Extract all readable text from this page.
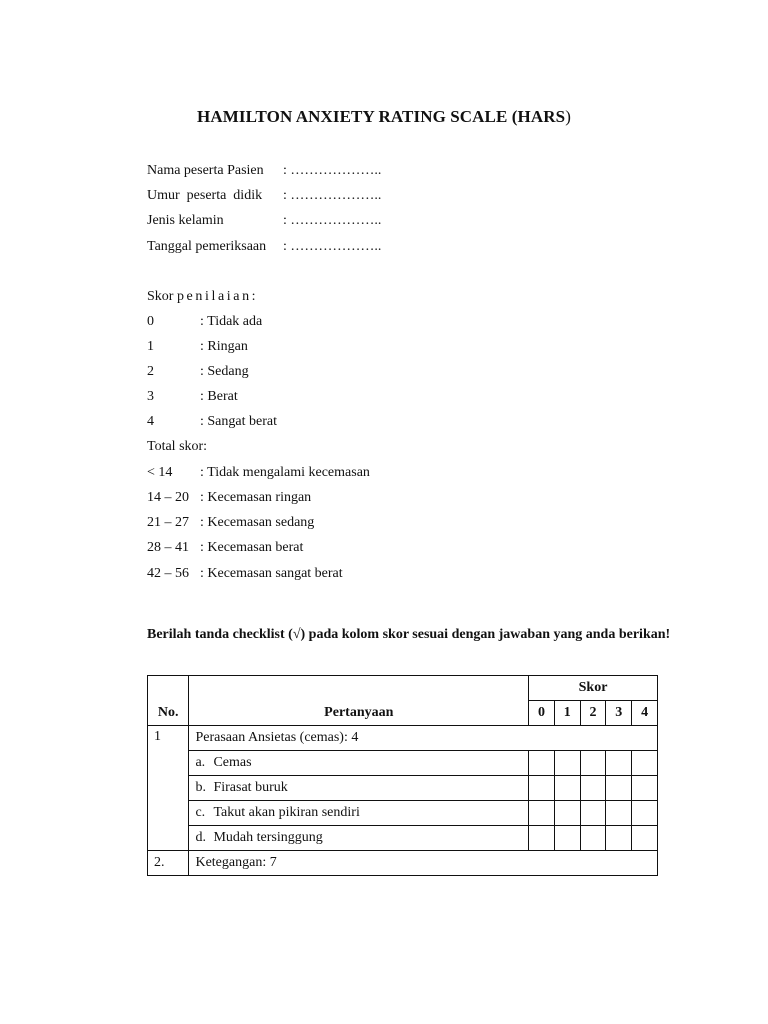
HAMILTON ANXIETY RATING SCALE (HARS)
Nama peserta Pasien : ………………..
Umur  peserta  didik : ………………..
Jenis kelamin	: ………………..
Tanggal pemeriksaan : ………………..
Skor penilaian:
0	: Tidak ada
1	: Ringan
2	: Sedang
3	: Berat
4	: Sangat berat
Total skor:
< 14 : Tidak mengalami kecemasan
14 – 20 : Kecemasan ringan
21 – 27 : Kecemasan sedang
28 – 41 : Kecemasan berat
42 – 56 : Kecemasan sangat berat
Berilah tanda checklist (√) pada kolom skor sesuai dengan jawaban yang anda berikan!
No.	Pertanyaan	Skor				
		0	1	2	3	4
1	Perasaan Ansietas (cemas): 4					
	a. Cemas					
	b. Firasat buruk					
	c. Takut akan pikiran sendiri					
	d. Mudah tersinggung					
2.	Ketegangan: 7					
